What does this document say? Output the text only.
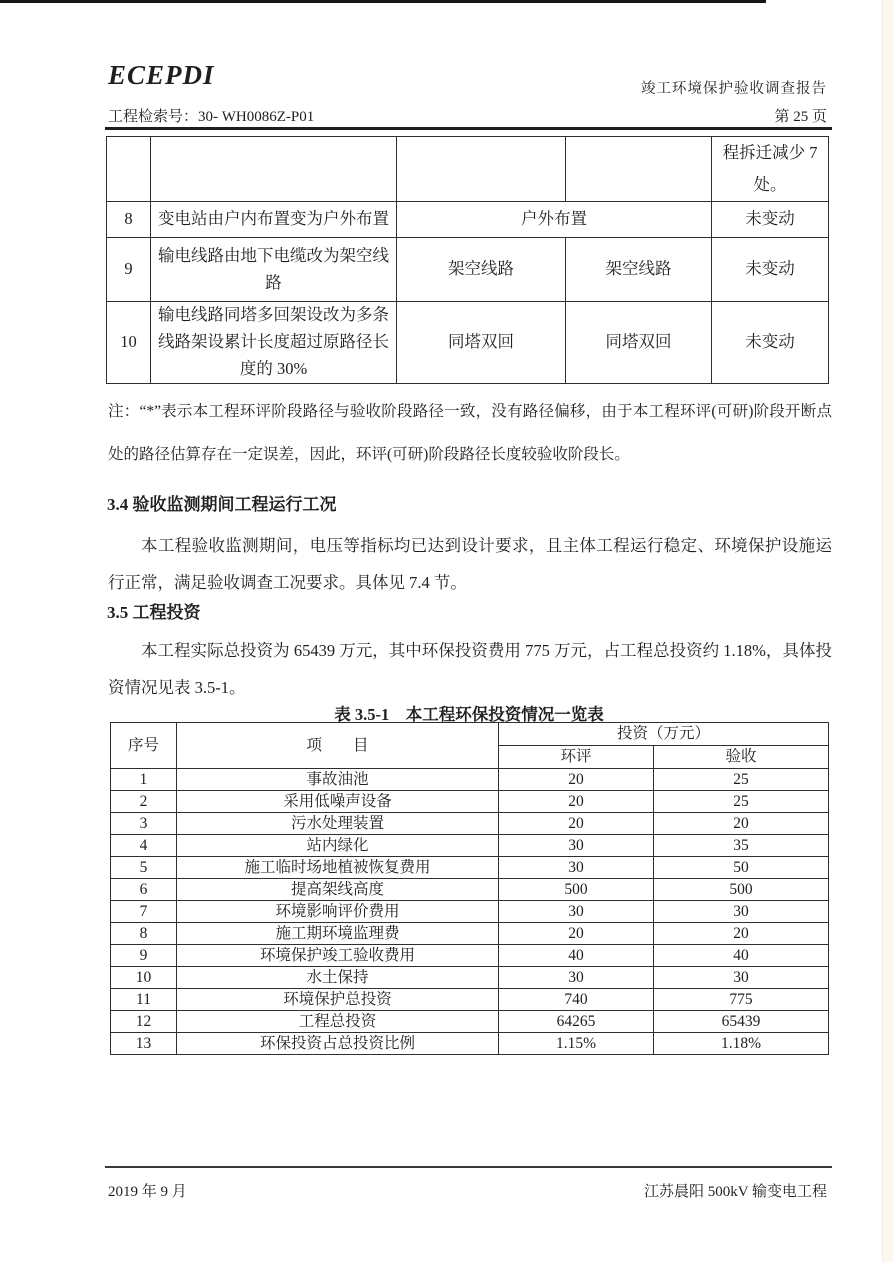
ECEPDI	竣工环境保护验收调查报告
工程检索号：30- WH0086Z-P01	第 25 页
				程拆迁减少 7 处。
8	变电站由户内布置变为户外布置	户外布置		未变动
9	输电线路由地下电缆改为架空线路	架空线路	架空线路	未变动
10	输电线路同塔多回架设改为多条线路架设累计长度超过原路径长度的 30%	同塔双回	同塔双回	未变动
注：“*”表示本工程环评阶段路径与验收阶段路径一致，没有路径偏移，由于本工程环评(可研)阶段开断点处的路径估算存在一定误差，因此，环评(可研)阶段路径长度较验收阶段长。
3.4 验收监测期间工程运行工况
本工程验收监测期间，电压等指标均已达到设计要求，且主体工程运行稳定、环境保护设施运行正常，满足验收调查工况要求。具体见 7.4 节。
3.5 工程投资
本工程实际总投资为 65439 万元，其中环保投资费用 775 万元，占工程总投资约 1.18%，具体投资情况见表 3.5-1。
表 3.5-1　本工程环保投资情况一览表
序号	项　　目	投资（万元）	
		环评	验收
1	事故油池	20	25
2	采用低噪声设备	20	25
3	污水处理装置	20	20
4	站内绿化	30	35
5	施工临时场地植被恢复费用	30	50
6	提高架线高度	500	500
7	环境影响评价费用	30	30
8	施工期环境监理费	20	20
9	环境保护竣工验收费用	40	40
10	水土保持	30	30
11	环境保护总投资	740	775
12	工程总投资	64265	65439
13	环保投资占总投资比例	1.15%	1.18%
2019 年 9 月	江苏晨阳 500kV 输变电工程
